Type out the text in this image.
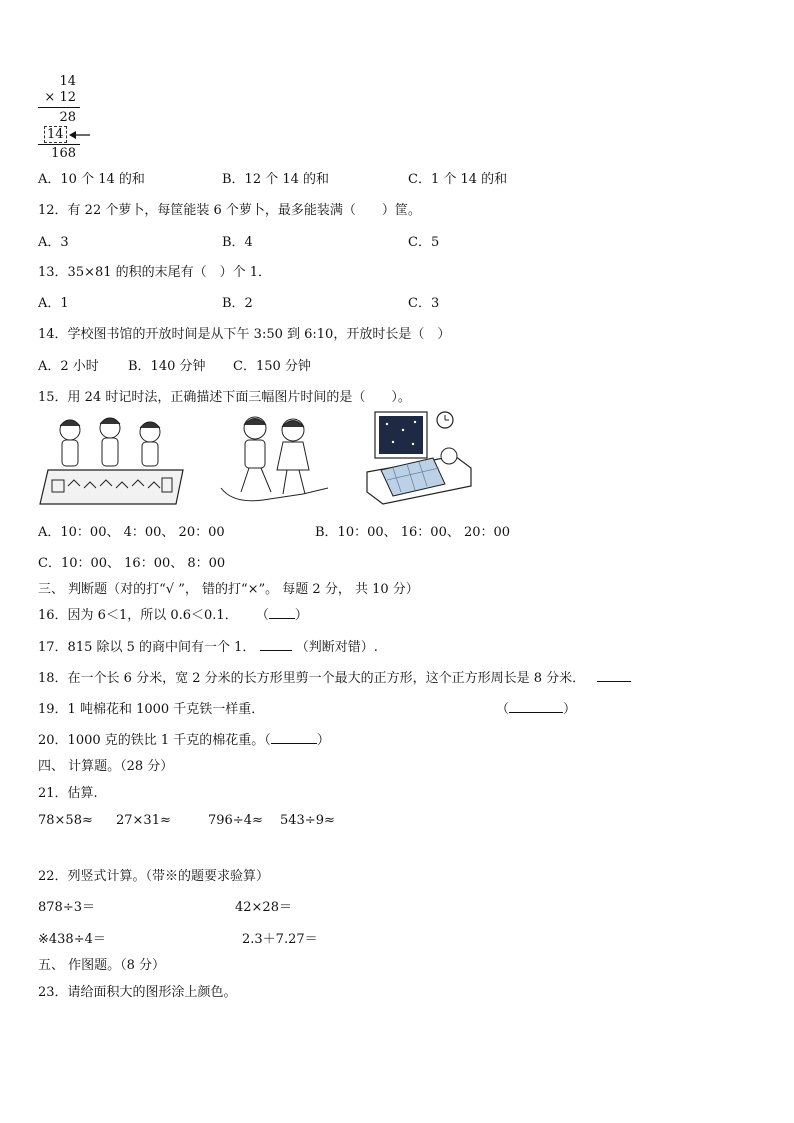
14
× 12
28
14
168
A．10 个 14 的和	B．12 个 14 的和	C．1 个 14 的和
12．有 22 个萝卜，每筐能装 6 个萝卜，最多能装满（　　）筐。
A．3	B．4	C．5
13．35×81 的积的末尾有（　）个 1．
A．1	B．2	C．3
14．学校图书馆的开放时间是从下午 3:50 到 6:10，开放时长是（　）
A．2 小时 B．140 分钟 C．150 分钟
15．用 24 时记时法，正确描述下面三幅图片时间的是（　　）。
A．10：00、 4：00、 20：00	B．10：00、 16：00、 20：00
C．10：00、 16：00、 8：00
三、 判断题（对的打“√ ”， 错的打“×”。 每题 2 分， 共 10 分）
16．因为 6＜1，所以 0.6＜0.1． （ ）
17．815 除以 5 的商中间有一个 1．	（判断对错）.
18．在一个长 6 分米，宽 2 分米的长方形里剪一个最大的正方形，这个正方形周长是 8 分米．
19．1 吨棉花和 1000 千克铁一样重．	（	）
20．1000 克的铁比 1 千克的棉花重。（	）
四、 计算题。（28 分）
21．估算.
78×58≈ 27×31≈	796÷4≈ 543÷9≈
22．列竖式计算。（带※的题要求验算）
878÷3＝	42×28＝
※438÷4＝	2.3＋7.27＝
五、 作图题。（8 分）
23．请给面积大的图形涂上颜色。
